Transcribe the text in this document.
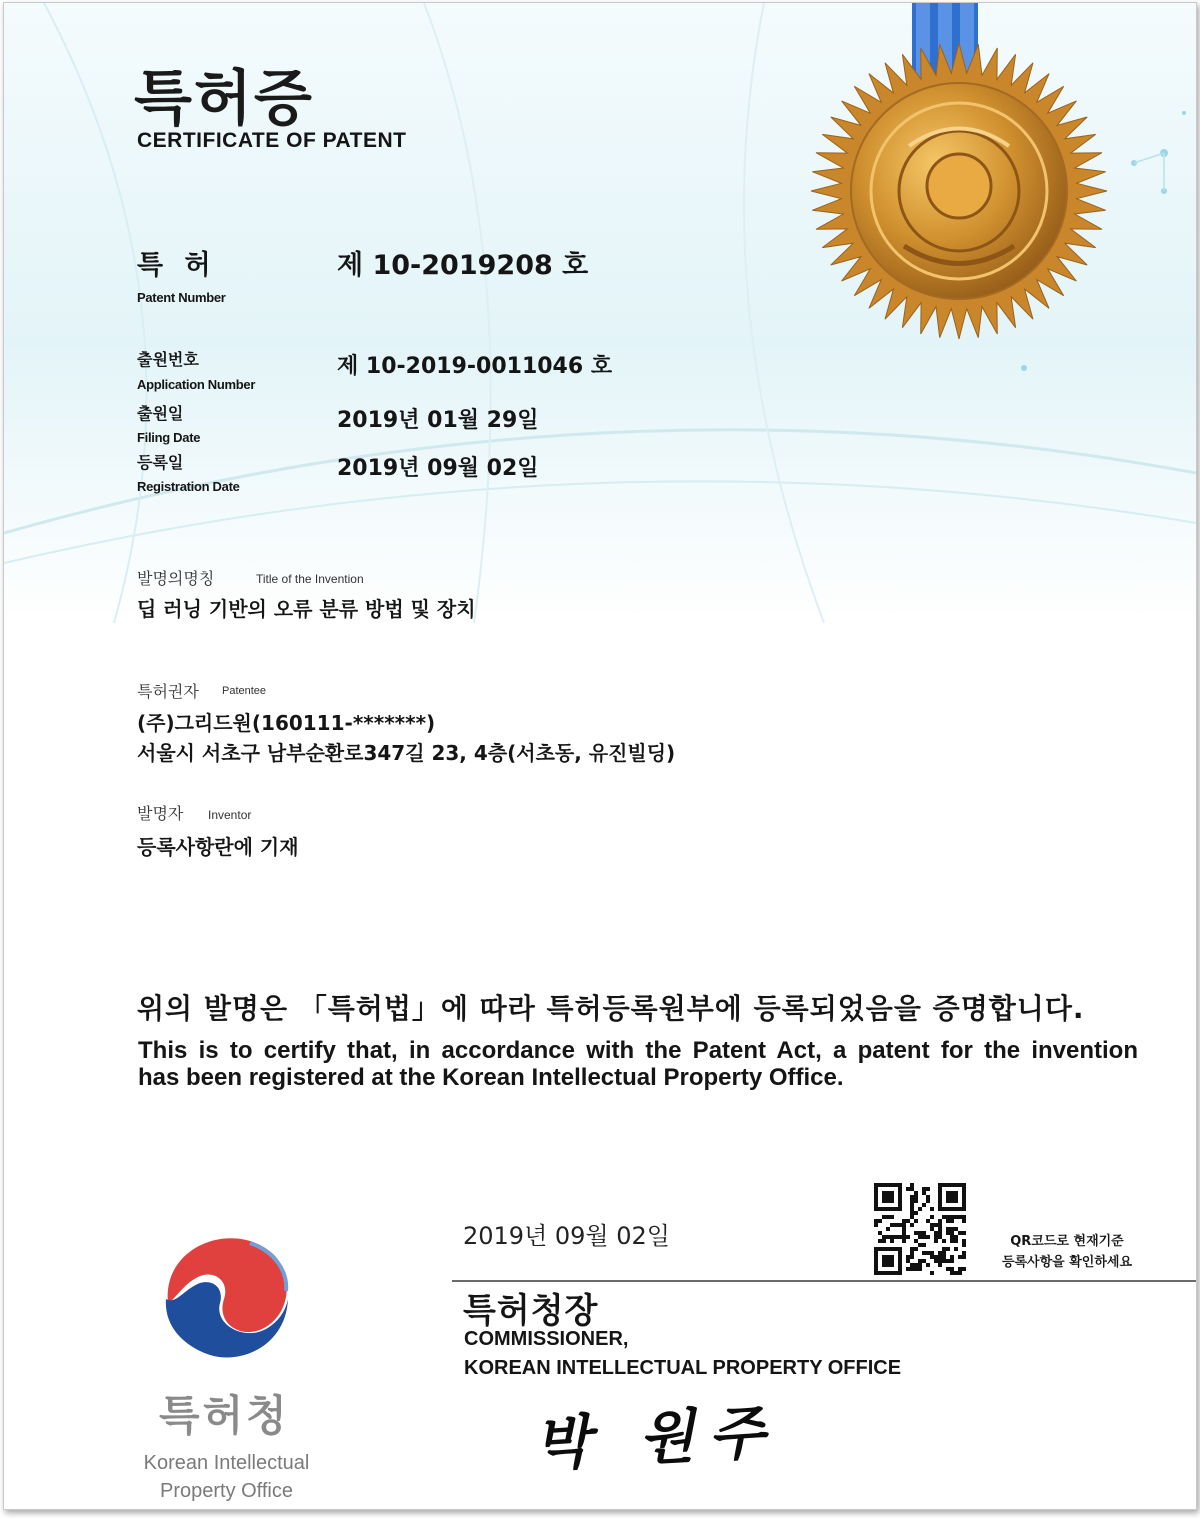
특허증
CERTIFICATE OF PATENT
특 허
Patent Number
제 10-2019208 호
출원번호
Application Number
제 10-2019-0011046 호
출원일
Filing Date
2019년 01월 29일
등록일
Registration Date
2019년 09월 02일
발명의명칭	Title of the Invention
딥 러닝 기반의 오류 분류 방법 및 장치
특허권자 Patentee
(주)그리드원(160111-*******)
서울시 서초구 남부순환로347길 23, 4층(서초동, 유진빌딩)
발명자 Inventor
등록사항란에 기재
위의 발명은 「특허법」에 따라 특허등록원부에 등록되었음을 증명합니다.
This is to certify that, in accordance with the Patent Act, a patent for the invention
has been registered at the Korean Intellectual Property Office.
2019년 09월 02일
특허청장
COMMISSIONER,
KOREAN INTELLECTUAL PROPERTY OFFICE
박 원주
QR코드로 현재기준
등록사항을 확인하세요
특허청
Korean Intellectual
Property Office
